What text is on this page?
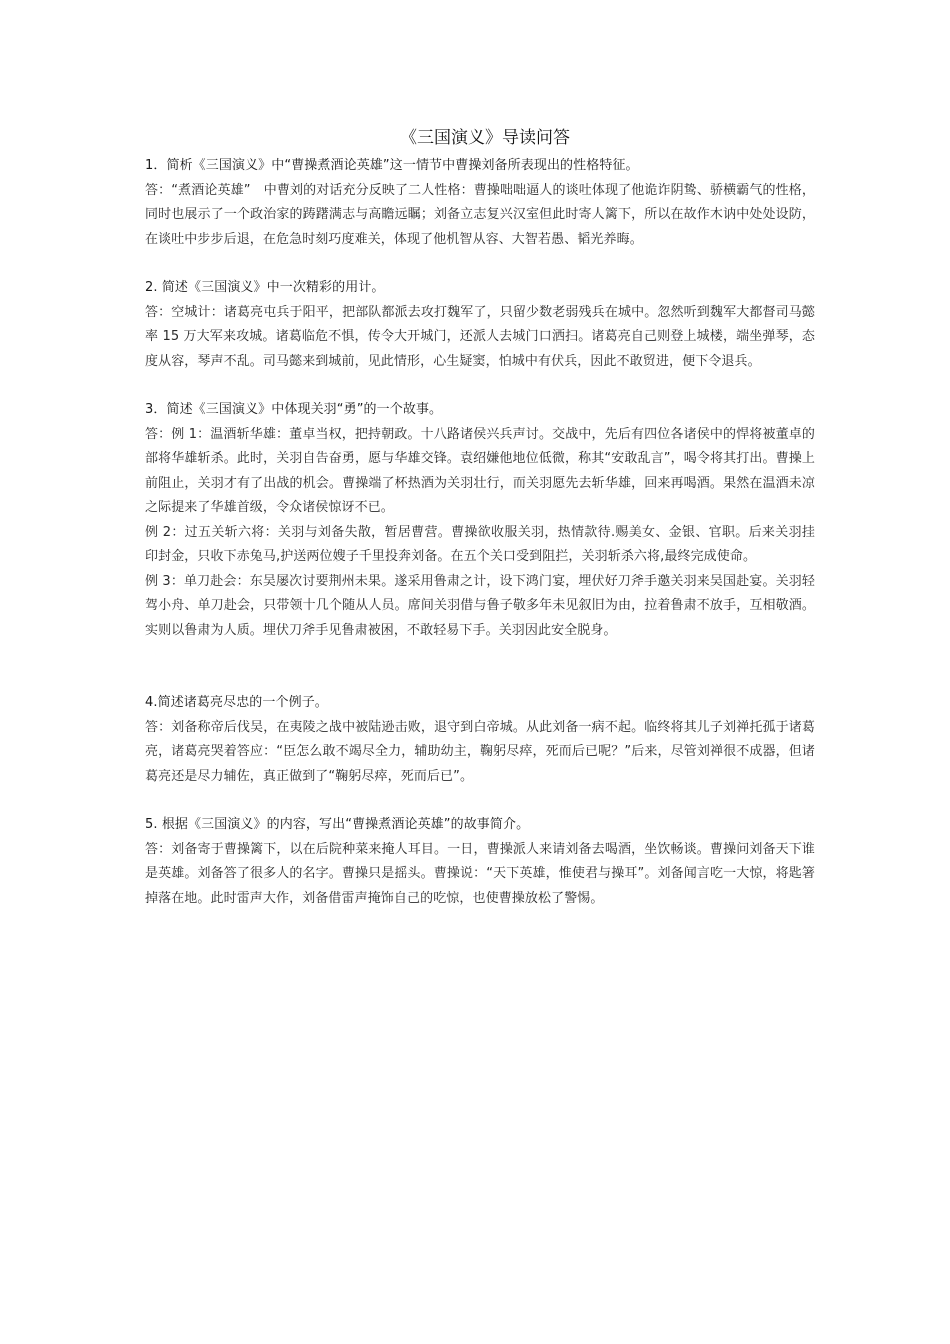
《三国演义》导读问答

1．简析《三国演义》中“曹操煮酒论英雄”这一情节中曹操刘备所表现出的性格特征。

答：“煮酒论英雄”　中曹刘的对话充分反映了二人性格：曹操咄咄逼人的谈吐体现了他诡诈阴鸷、骄横霸气的性格，同时也展示了一个政治家的踌躇满志与高瞻远瞩；刘备立志复兴汉室但此时寄人篱下，所以在故作木讷中处处设防，在谈吐中步步后退，在危急时刻巧度难关，体现了他机智从容、大智若愚、韬光养晦。

2. 简述《三国演义》中一次精彩的用计。

答：空城计：诸葛亮屯兵于阳平，把部队都派去攻打魏军了，只留少数老弱残兵在城中。忽然听到魏军大都督司马懿率 15 万大军来攻城。诸葛临危不惧，传令大开城门，还派人去城门口洒扫。诸葛亮自己则登上城楼，端坐弹琴，态度从容，琴声不乱。司马懿来到城前，见此情形，心生疑窦，怕城中有伏兵，因此不敢贸进，便下令退兵。

3．简述《三国演义》中体现关羽“勇”的一个故事。

答：例 1：温酒斩华雄：董卓当权，把持朝政。十八路诸侯兴兵声讨。交战中，先后有四位各诸侯中的悍将被董卓的部将华雄斩杀。此时，关羽自告奋勇，愿与华雄交锋。袁绍嫌他地位低微，称其“安敢乱言”，喝令将其打出。曹操上前阻止，关羽才有了出战的机会。曹操端了杯热酒为关羽壮行，而关羽愿先去斩华雄，回来再喝酒。果然在温酒未凉之际提来了华雄首级，令众诸侯惊讶不已。

例 2：过五关斩六将：关羽与刘备失散，暂居曹营。曹操欲收服关羽，热情款待.赐美女、金银、官职。后来关羽挂印封金，只收下赤兔马,护送两位嫂子千里投奔刘备。在五个关口受到阻拦，关羽斩杀六将,最终完成使命。

例 3：单刀赴会：东吴屡次讨要荆州未果。遂采用鲁肃之计，设下鸿门宴，埋伏好刀斧手邀关羽来吴国赴宴。关羽轻驾小舟、单刀赴会，只带领十几个随从人员。席间关羽借与鲁子敬多年未见叙旧为由，拉着鲁肃不放手，互相敬酒。实则以鲁肃为人质。埋伏刀斧手见鲁肃被困，不敢轻易下手。关羽因此安全脱身。

4.简述诸葛亮尽忠的一个例子。

答：刘备称帝后伐吴，在夷陵之战中被陆逊击败，退守到白帝城。从此刘备一病不起。临终将其儿子刘禅托孤于诸葛亮，诸葛亮哭着答应：“臣怎么敢不竭尽全力，辅助幼主，鞠躬尽瘁，死而后已呢？”后来，尽管刘禅很不成器，但诸葛亮还是尽力辅佐，真正做到了“鞠躬尽瘁，死而后已”。

5. 根据《三国演义》的内容，写出“曹操煮酒论英雄”的故事简介。

答：刘备寄于曹操篱下，以在后院种菜来掩人耳目。一日，曹操派人来请刘备去喝酒，坐饮畅谈。曹操问刘备天下谁是英雄。刘备答了很多人的名字。曹操只是摇头。曹操说：“天下英雄，惟使君与操耳”。刘备闻言吃一大惊，将匙箸掉落在地。此时雷声大作，刘备借雷声掩饰自己的吃惊，也使曹操放松了警惕。
